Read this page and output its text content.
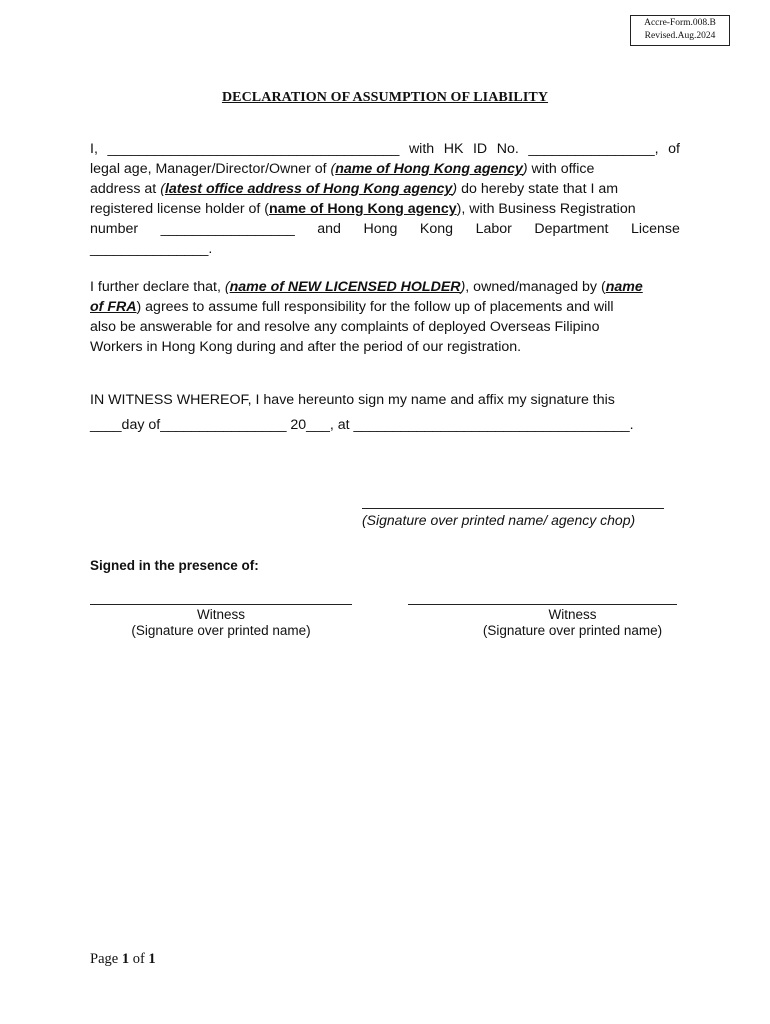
Accre-Form.008.B
Revised.Aug.2024
DECLARATION OF ASSUMPTION OF LIABILITY
I, _____________________________________ with HK ID No. ________________, of
legal age, Manager/Director/Owner of (name of Hong Kong agency) with office
address at (latest office address of Hong Kong agency) do hereby state that I am
registered license holder of (name of Hong Kong agency), with Business Registration
number _________________ and Hong Kong Labor Department License
_______________.
I further declare that, (name of NEW LICENSED HOLDER), owned/managed by (name
of FRA) agrees to assume full responsibility for the follow up of placements and will
also be answerable for and resolve any complaints of deployed Overseas Filipino
Workers in Hong Kong during and after the period of our registration.
IN WITNESS WHEREOF, I have hereunto sign my name and affix my signature this
____day of________________ 20___, at ___________________________________.
(Signature over printed name/ agency chop)
Signed in the presence of:
Witness
(Signature over printed name)
Witness
(Signature over printed name)
Page 1 of 1
